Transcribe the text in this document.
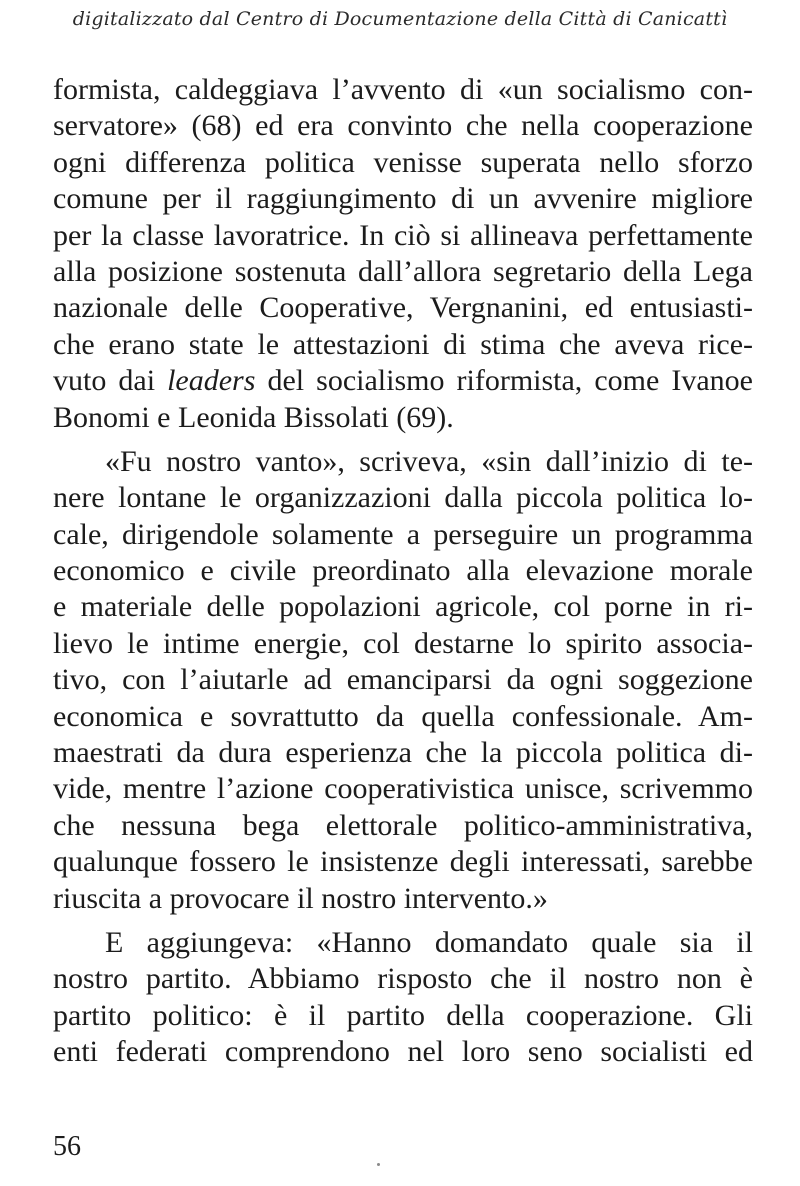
digitalizzato dal Centro di Documentazione della Città di Canicattì
formista, caldeggiava l’avvento di «un socialismo con-
servatore» (68) ed era convinto che nella cooperazione
ogni differenza politica venisse superata nello sforzo
comune per il raggiungimento di un avvenire migliore
per la classe lavoratrice. In ciò si allineava perfettamente
alla posizione sostenuta dall’allora segretario della Lega
nazionale delle Cooperative, Vergnanini, ed entusiasti-
che erano state le attestazioni di stima che aveva rice-
vuto dai leaders del socialismo riformista, come Ivanoe
Bonomi e Leonida Bissolati (69).
«Fu nostro vanto», scriveva, «sin dall’inizio di te-
nere lontane le organizzazioni dalla piccola politica lo-
cale, dirigendole solamente a perseguire un programma
economico e civile preordinato alla elevazione morale
e materiale delle popolazioni agricole, col porne in ri-
lievo le intime energie, col destarne lo spirito associa-
tivo, con l’aiutarle ad emanciparsi da ogni soggezione
economica e sovrattutto da quella confessionale. Am-
maestrati da dura esperienza che la piccola politica di-
vide, mentre l’azione cooperativistica unisce, scrivemmo
che nessuna bega elettorale politico-amministrativa,
qualunque fossero le insistenze degli interessati, sarebbe
riuscita a provocare il nostro intervento.»
E aggiungeva: «Hanno domandato quale sia il
nostro partito. Abbiamo risposto che il nostro non è
partito politico: è il partito della cooperazione. Gli
enti federati comprendono nel loro seno socialisti ed
56
